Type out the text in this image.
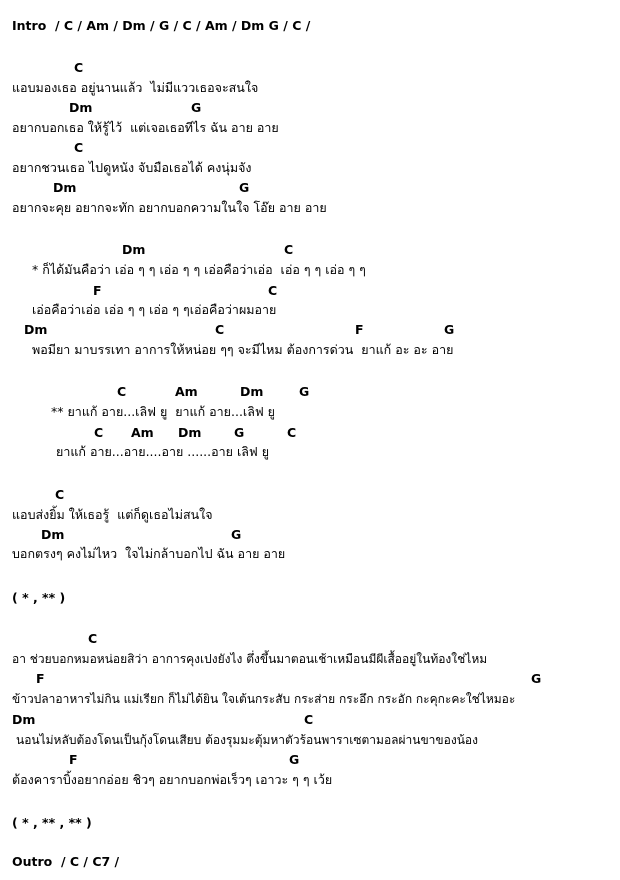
Intro  / C / Am / Dm / G / C / Am / Dm G / C /
C
แอบมองเธอ อยู่นานแล้ว  ไม่มีแววเธอจะสนใจ
Dm	G
อยากบอกเธอ ให้รู้ไว้  แต่เจอเธอทีไร ฉัน อาย อาย
C
อยากชวนเธอ ไปดูหนัง จับมือเธอได้ คงนุ่มจัง
Dm	G
อยากจะคุย อยากจะทัก อยากบอกความในใจ โอ๊ย อาย อาย
Dm	C
* ก็ได้มันคือว่า เอ่อ ๆ ๆ เอ่อ ๆ ๆ เอ่อคือว่าเอ่อ  เอ่อ ๆ ๆ เอ่อ ๆ ๆ
F	C
เอ่อคือว่าเอ่อ เอ่อ ๆ ๆ เอ่อ ๆ ๆเอ่อคือว่าผมอาย
Dm	C	F	G
พอมียา มาบรรเทา อาการให้หน่อย ๆๆ จะมีไหม ต้องการด่วน  ยาแก้ อะ อะ อาย
C	Am	Dm	G
** ยาแก้ อาย...เลิฟ ยู  ยาแก้ อาย...เลิฟ ยู
C Am Dm	G	C
ยาแก้ อาย...อาย....อาย ......อาย เลิฟ ยู
C
แอบส่งยิ้ม ให้เธอรู้  แต่ก็ดูเธอไม่สนใจ
Dm	G
บอกตรงๆ คงไม่ไหว  ใจไม่กล้าบอกไป ฉัน อาย อาย
( * , ** )
C
อา ช่วยบอกหมอหน่อยสิว่า อาการคุงเปงยังไง ตึ่งขึ้นมาตอนเช้าเหมือนมีผีเสื้ออยู่ในท้องใช่ไหม
F	G
ข้าวปลาอาหารไม่กิน แม่เรียก ก็ไม่ได้ยิน ใจเต้นกระสับ กระส่าย กระอึก กระอัก กะคุกะคะใช่ไหมอะ
Dm	C
นอนไม่หลับต้องโดนเป็นกุ้งโดนเสียบ ต้องรุมมะตุ้มหาตัวร้อนพาราเซตามอลผ่านขาของน้อง
F	G
ต้องคาราบิ้งอยากอ่อย ชิวๆ อยากบอกพ่อเร็วๆ เอาวะ ๆ ๆ เว้ย
( * , ** , ** )
Outro  / C / C7 /
